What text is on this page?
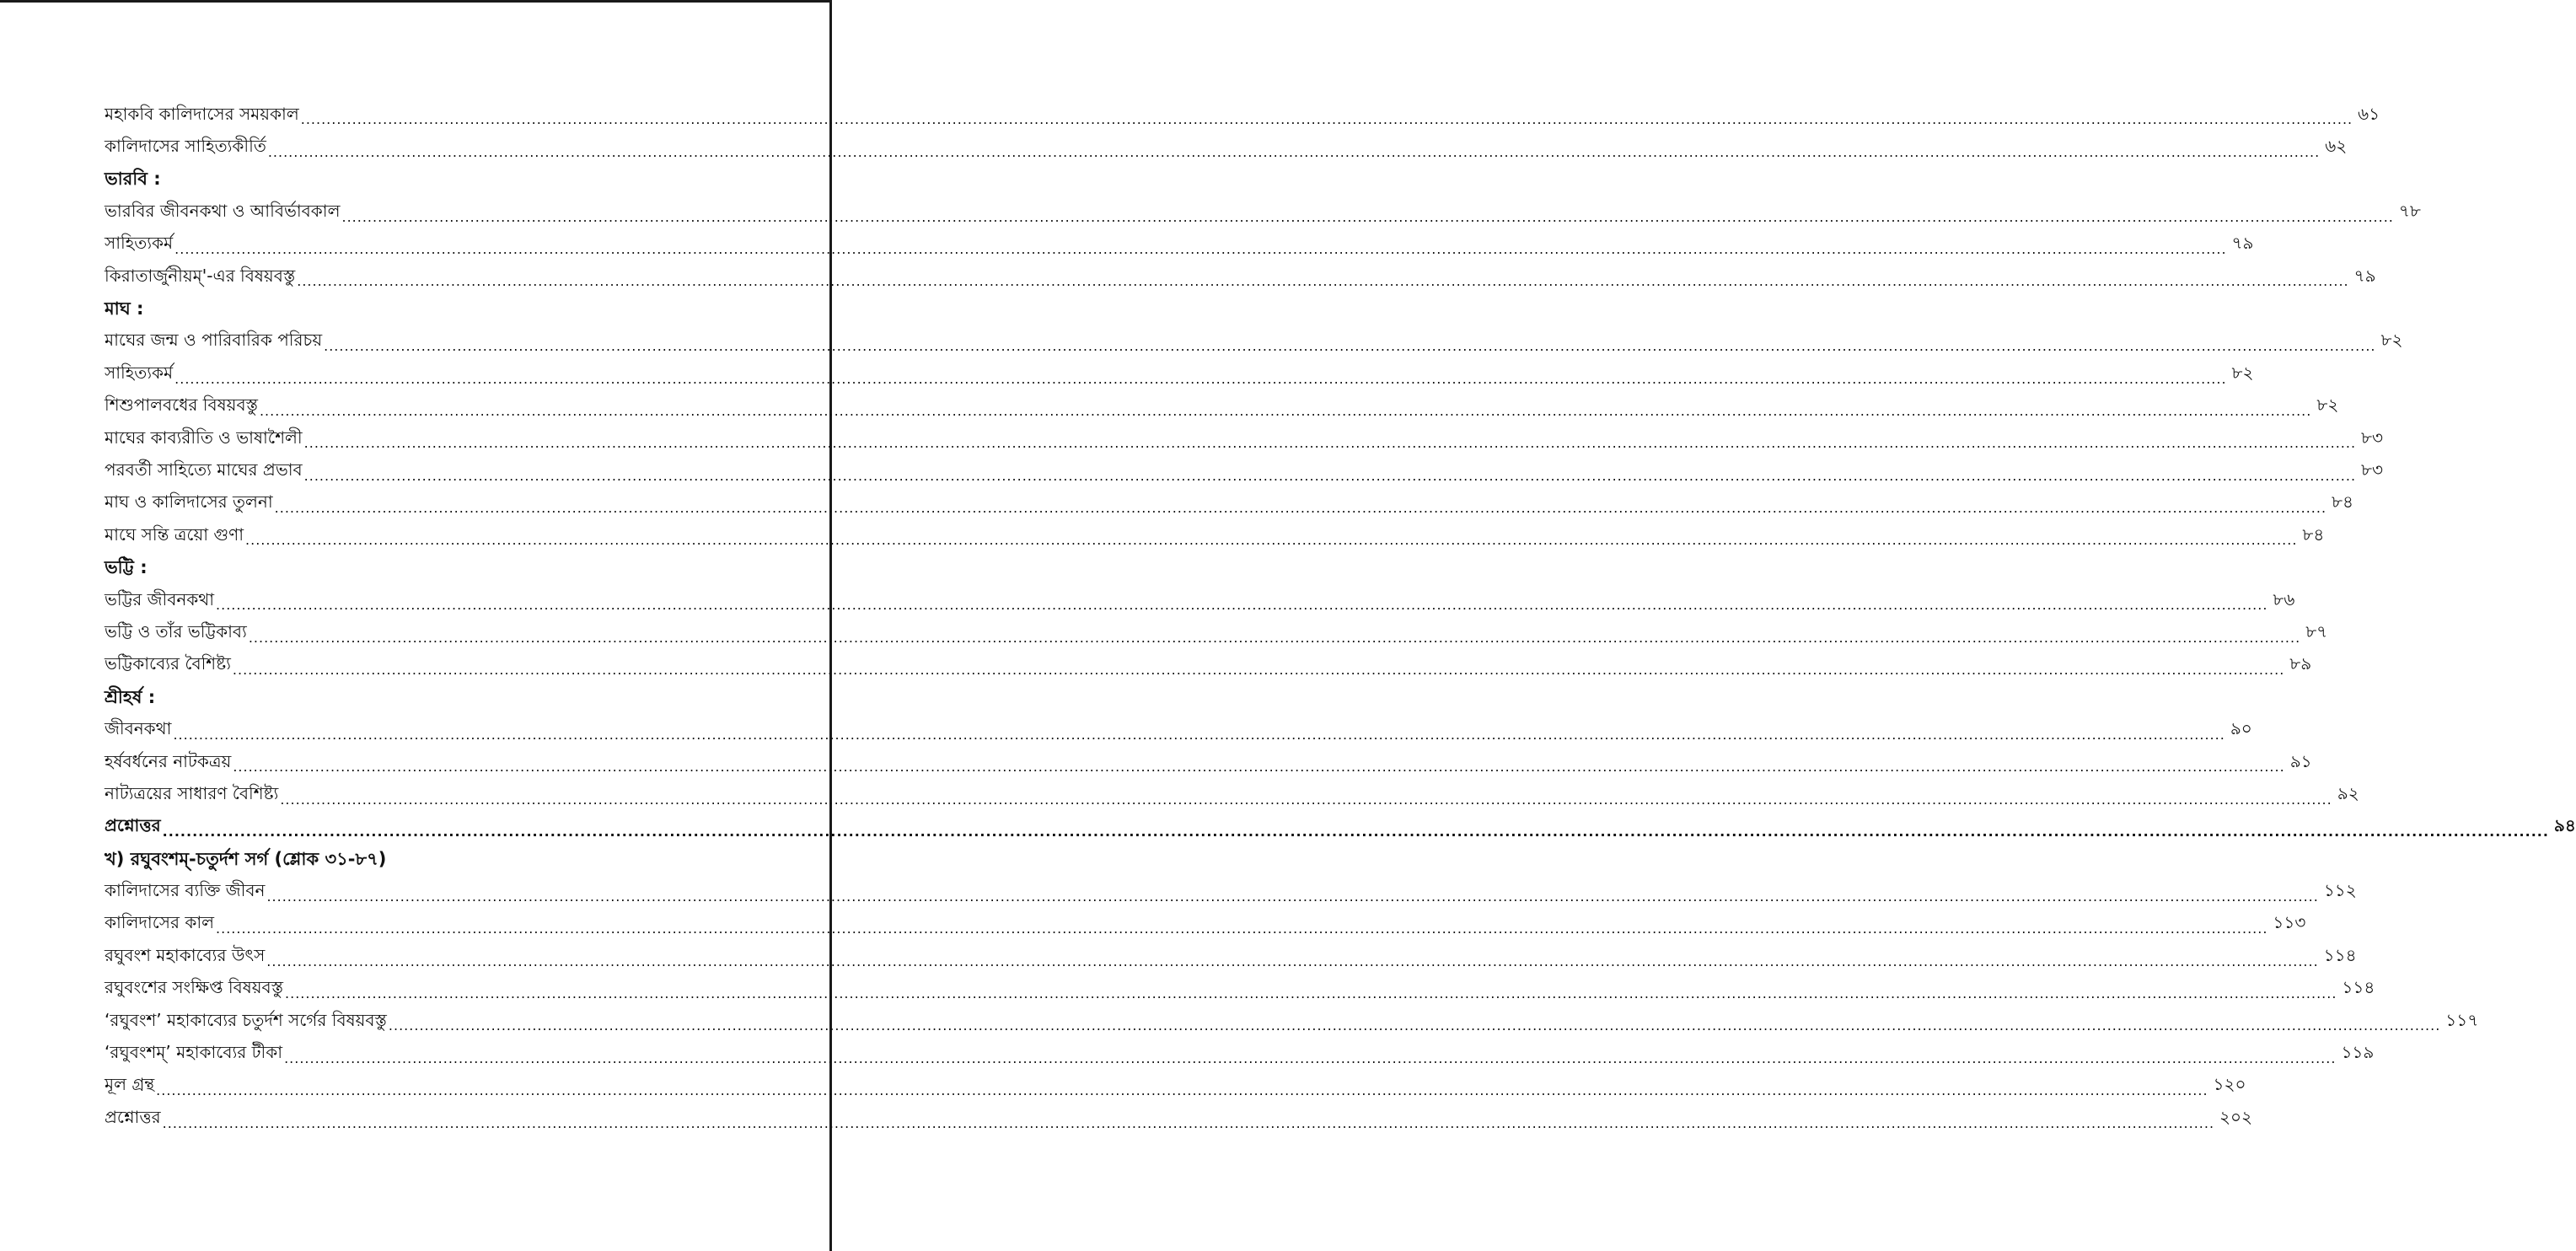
মহাকবি কালিদাসের সময়কাল ................................................................................................................................................................................................................................................................................................................................................................................................................ ৬১
কালিদাসের সাহিত্যকীর্তি ................................................................................................................................................................................................................................................................................................................................................................................................................ ৬২
ভারবি :
ভারবির জীবনকথা ও আবির্ভাবকাল ................................................................................................................................................................................................................................................................................................................................................................................................................ ৭৮
সাহিত্যকর্ম ................................................................................................................................................................................................................................................................................................................................................................................................................ ৭৯
কিরাতার্জুনীয়ম্'-এর বিষয়বস্তু ................................................................................................................................................................................................................................................................................................................................................................................................................ ৭৯
মাঘ :
মাঘের জন্ম ও পারিবারিক পরিচয় ................................................................................................................................................................................................................................................................................................................................................................................................................ ৮২
সাহিত্যকর্ম ................................................................................................................................................................................................................................................................................................................................................................................................................ ৮২
শিশুপালবধের বিষয়বস্তু ................................................................................................................................................................................................................................................................................................................................................................................................................ ৮২
মাঘের কাব্যরীতি ও ভাষাশৈলী ................................................................................................................................................................................................................................................................................................................................................................................................................ ৮৩
পরবর্তী সাহিত্যে মাঘের প্রভাব ................................................................................................................................................................................................................................................................................................................................................................................................................ ৮৩
মাঘ ও কালিদাসের তুলনা ................................................................................................................................................................................................................................................................................................................................................................................................................ ৮৪
মাঘে সন্তি ত্রয়ো গুণা ................................................................................................................................................................................................................................................................................................................................................................................................................ ৮৪
ভট্টি :
ভট্টির জীবনকথা ................................................................................................................................................................................................................................................................................................................................................................................................................ ৮৬
ভট্টি ও তাঁর ভট্টিকাব্য ................................................................................................................................................................................................................................................................................................................................................................................................................ ৮৭
ভট্টিকাব্যের বৈশিষ্ট্য ................................................................................................................................................................................................................................................................................................................................................................................................................ ৮৯
শ্রীহর্ষ :
জীবনকথা ................................................................................................................................................................................................................................................................................................................................................................................................................ ৯০
হর্ষবর্ধনের নাটকত্রয় ................................................................................................................................................................................................................................................................................................................................................................................................................ ৯১
নাট্যত্রয়ের সাধারণ বৈশিষ্ট্য ................................................................................................................................................................................................................................................................................................................................................................................................................ ৯২
প্রশ্নোত্তর ................................................................................................................................................................................................................................................................................................................................................................................................................ ৯৪
খ) রঘুবংশম্-চতুর্দশ সর্গ (শ্লোক ৩১-৮৭)
কালিদাসের ব্যক্তি জীবন ................................................................................................................................................................................................................................................................................................................................................................................................................ ১১২
কালিদাসের কাল ................................................................................................................................................................................................................................................................................................................................................................................................................ ১১৩
রঘুবংশ মহাকাব্যের উৎস ................................................................................................................................................................................................................................................................................................................................................................................................................ ১১৪
রঘুবংশের সংক্ষিপ্ত বিষয়বস্তু ................................................................................................................................................................................................................................................................................................................................................................................................................ ১১৪
‘রঘুবংশ’ মহাকাব্যের চতুর্দশ সর্গের বিষয়বস্তু ................................................................................................................................................................................................................................................................................................................................................................................................................ ১১৭
‘রঘুবংশম্’ মহাকাব্যের টীকা ................................................................................................................................................................................................................................................................................................................................................................................................................ ১১৯
মূল গ্রন্থ ................................................................................................................................................................................................................................................................................................................................................................................................................ ১২০
প্রশ্নোত্তর ................................................................................................................................................................................................................................................................................................................................................................................................................ ২০২
